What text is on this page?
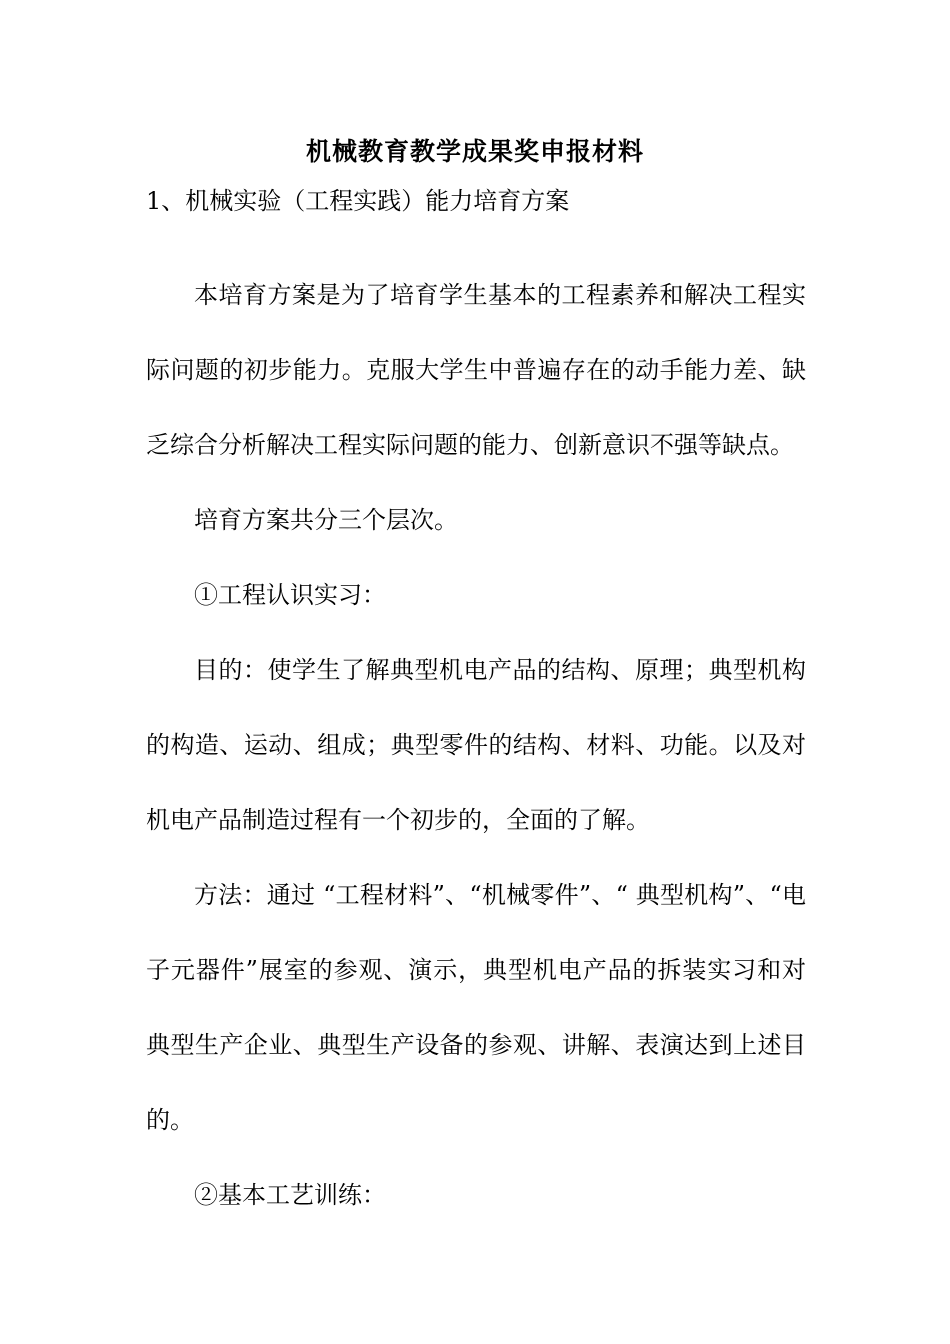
机械教育教学成果奖申报材料
1、机械实验（工程实践）能力培育方案

本培育方案是为了培育学生基本的工程素养和解决工程实际问题的初步能力。克服大学生中普遍存在的动手能力差、缺乏综合分析解决工程实际问题的能力、创新意识不强等缺点。

培育方案共分三个层次。

①工程认识实习：

目的：使学生了解典型机电产品的结构、原理；典型机构的构造、运动、组成；典型零件的结构、材料、功能。以及对机电产品制造过程有一个初步的，全面的了解。

方法：通过 “工程材料”、“机械零件”、“ 典型机构”、“电子元器件”展室的参观、演示，典型机电产品的拆装实习和对典型生产企业、典型生产设备的参观、讲解、表演达到上述目的。

②基本工艺训练：
